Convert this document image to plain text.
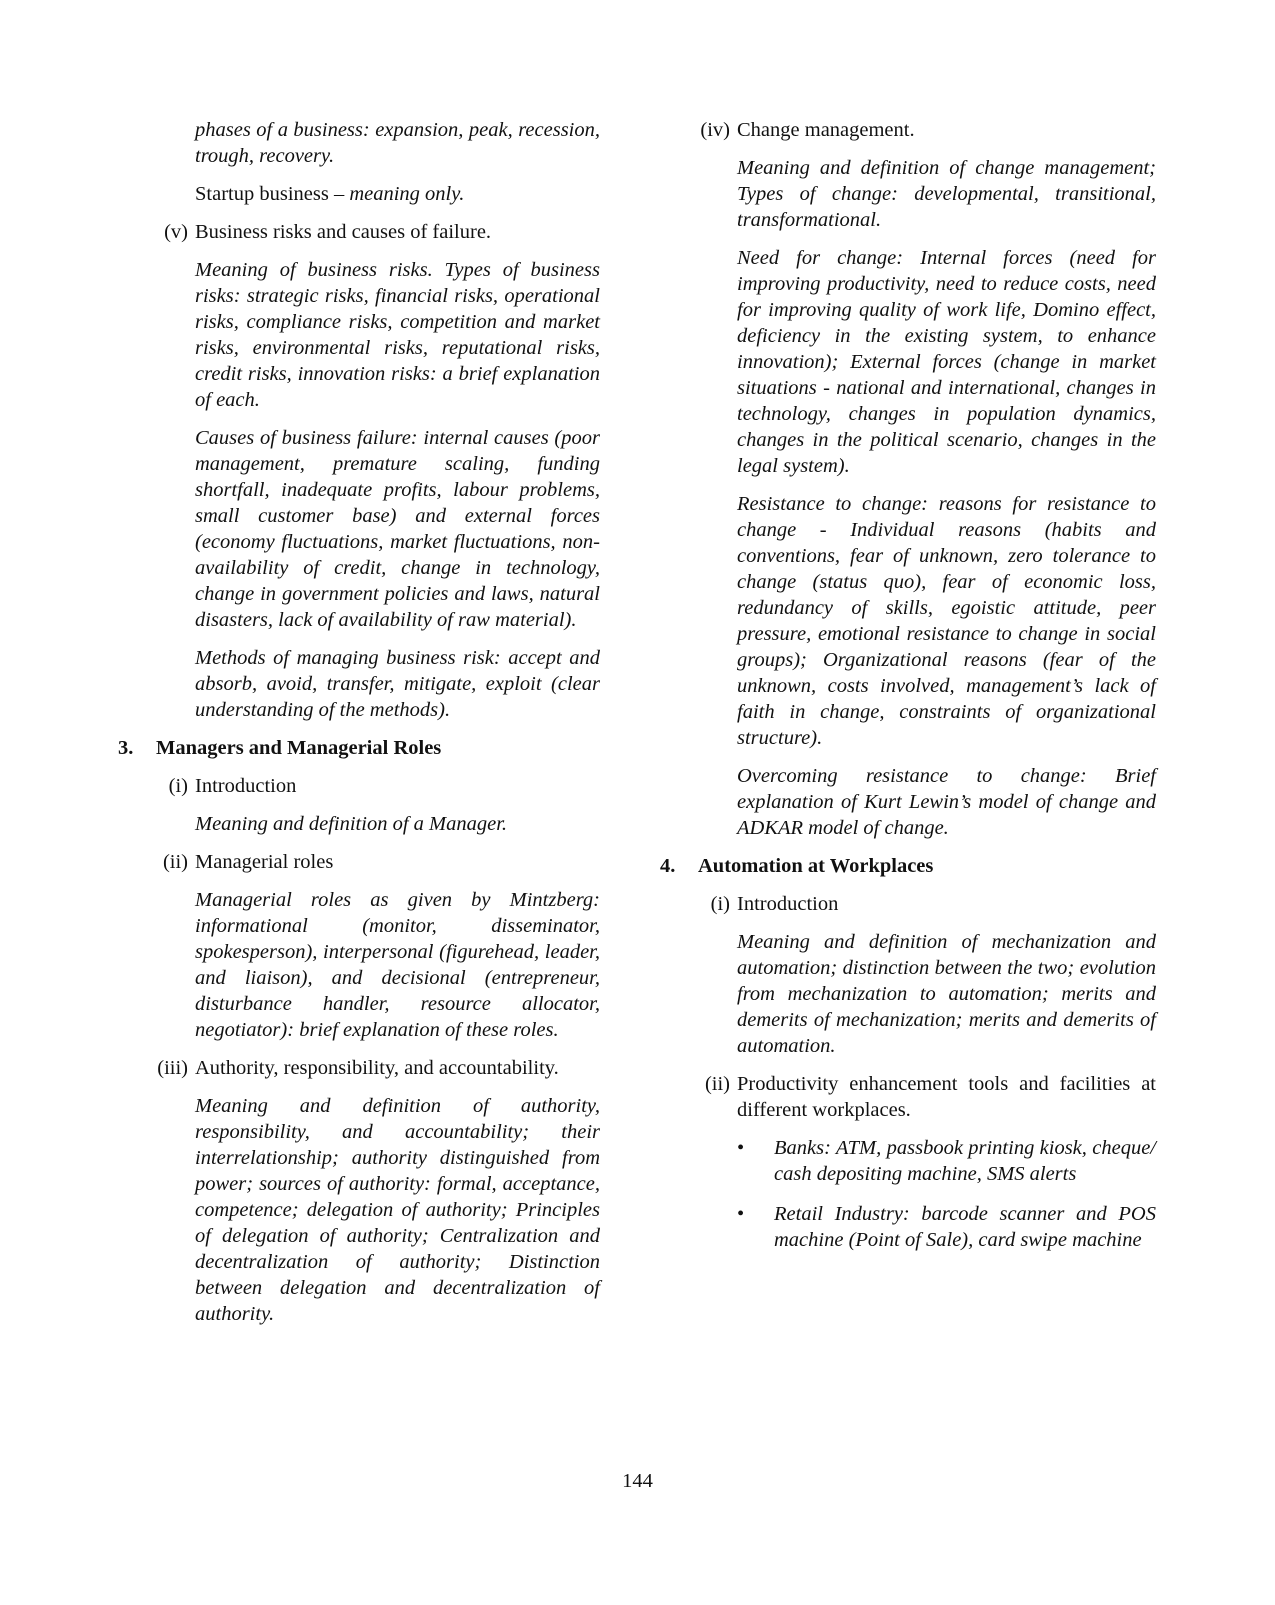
phases of a business: expansion, peak, recession, trough, recovery.

Startup business – meaning only.

(v) Business risks and causes of failure.

Meaning of business risks. Types of business risks: strategic risks, financial risks, operational risks, compliance risks, competition and market risks, environmental risks, reputational risks, credit risks, innovation risks: a brief explanation of each.

Causes of business failure: internal causes (poor management, premature scaling, funding shortfall, inadequate profits, labour problems, small customer base) and external forces (economy fluctuations, market fluctuations, non-availability of credit, change in technology, change in government policies and laws, natural disasters, lack of availability of raw material).

Methods of managing business risk: accept and absorb, avoid, transfer, mitigate, exploit (clear understanding of the methods).

3.	Managers and Managerial Roles
(i) Introduction

Meaning and definition of a Manager.

(ii) Managerial roles

Managerial roles as given by Mintzberg: informational (monitor, disseminator, spokesperson), interpersonal (figurehead, leader, and liaison), and decisional (entrepreneur, disturbance handler, resource allocator, negotiator): brief explanation of these roles.

(iii) Authority, responsibility, and accountability.

Meaning and definition of authority, responsibility, and accountability; their interrelationship; authority distinguished from power; sources of authority: formal, acceptance, competence; delegation of authority; Principles of delegation of authority; Centralization and decentralization of authority; Distinction between delegation and decentralization of authority.

(iv) Change management.

Meaning and definition of change management; Types of change: developmental, transitional, transformational.

Need for change: Internal forces (need for improving productivity, need to reduce costs, need for improving quality of work life, Domino effect, deficiency in the existing system, to enhance innovation); External forces (change in market situations - national and international, changes in technology, changes in population dynamics, changes in the political scenario, changes in the legal system).

Resistance to change: reasons for resistance to change - Individual reasons (habits and conventions, fear of unknown, zero tolerance to change (status quo), fear of economic loss, redundancy of skills, egoistic attitude, peer pressure, emotional resistance to change in social groups); Organizational reasons (fear of the unknown, costs involved, management’s lack of faith in change, constraints of organizational structure).

Overcoming resistance to change: Brief explanation of Kurt Lewin’s model of change and ADKAR model of change.

4.	Automation at Workplaces
(i) Introduction

Meaning and definition of mechanization and automation; distinction between the two; evolution from mechanization to automation; merits and demerits of mechanization; merits and demerits of automation.

(ii) Productivity enhancement tools and facilities at different workplaces.
•	Banks: ATM, passbook printing kiosk, cheque/ cash depositing machine, SMS alerts
•	Retail Industry: barcode scanner and POS machine (Point of Sale), card swipe machine
144
